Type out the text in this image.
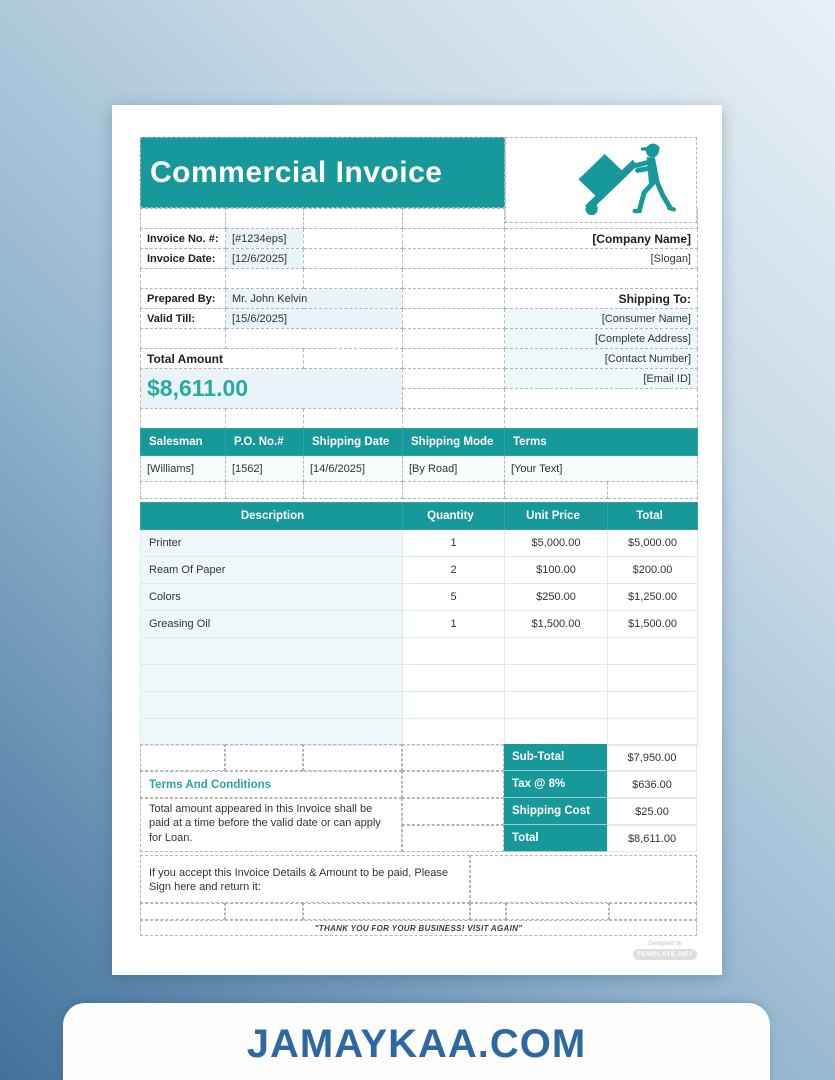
Commercial Invoice

Invoice No. #:	[#1234eps]			[Company Name]
Invoice Date:	[12/6/2025]			[Slogan]

Prepared By:	Mr. John Kelvin			Shipping To:
Valid Till:	[15/6/2025]			[Consumer Name]
				[Complete Address]
Total Amount				[Contact Number]
$8,611.00				[Email ID]

Salesman	P.O. No.#	Shipping Date	Shipping Mode	Terms	
[Williams]	[1562]	[14/6/2025]	[By Road]	[Your Text]	

Description	Quantity	Unit Price	Total
Printer	1	$5,000.00	$5,000.00
Ream Of Paper	2	$100.00	$200.00
Colors	5	$250.00	$1,250.00
Greasing Oil	1	$1,500.00	$1,500.00

Terms And Conditions
Total amount appeared in this Invoice shall be paid at a time before the valid date or can apply for Loan.
Sub-Total	$7,950.00
Tax @ 8%	$636.00
Shipping Cost	$25.00
Total	$8,611.00
If you accept this Invoice Details & Amount to be paid, Please Sign here and return it:
"THANK YOU FOR YOUR BUSINESS! VISIT AGAIN"
Designed by
TEMPLATE.NET
JAMAYKAA.COM
